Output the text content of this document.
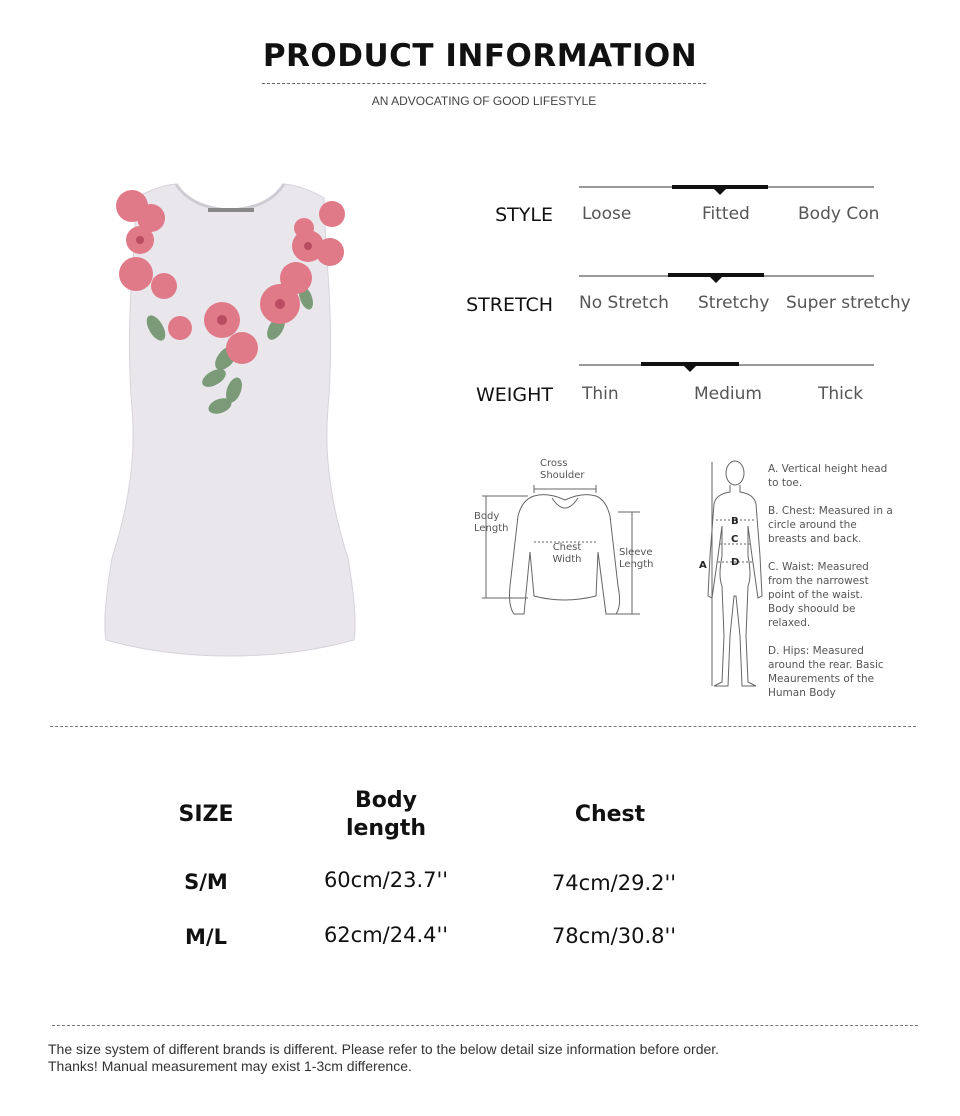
PRODUCT INFORMATION
AN ADVOCATING OF GOOD LIFESTYLE
STYLE Loose	Fitted	Body Con
STRETCH No Stretch Stretchy Super stretchy
WEIGHT Thin	Medium	Thick
Cross Shoulder
Body Length
Chest Width
Sleeve Length	A
B
C
D
A. Vertical height head to toe.
B. Chest: Measured in a circle around the breasts and back.
C. Waist: Measured from the narrowest point of the waist. Body shoould be relaxed.
D. Hips: Measured around the rear. Basic Meaurements of the Human Body
SIZE
Body length
Chest
S/M	60cm/23.7''	74cm/29.2''
M/L	62cm/24.4''	78cm/30.8''
The size system of different brands is different. Please refer to the below detail size information before order.
Thanks! Manual measurement may exist 1-3cm difference.
